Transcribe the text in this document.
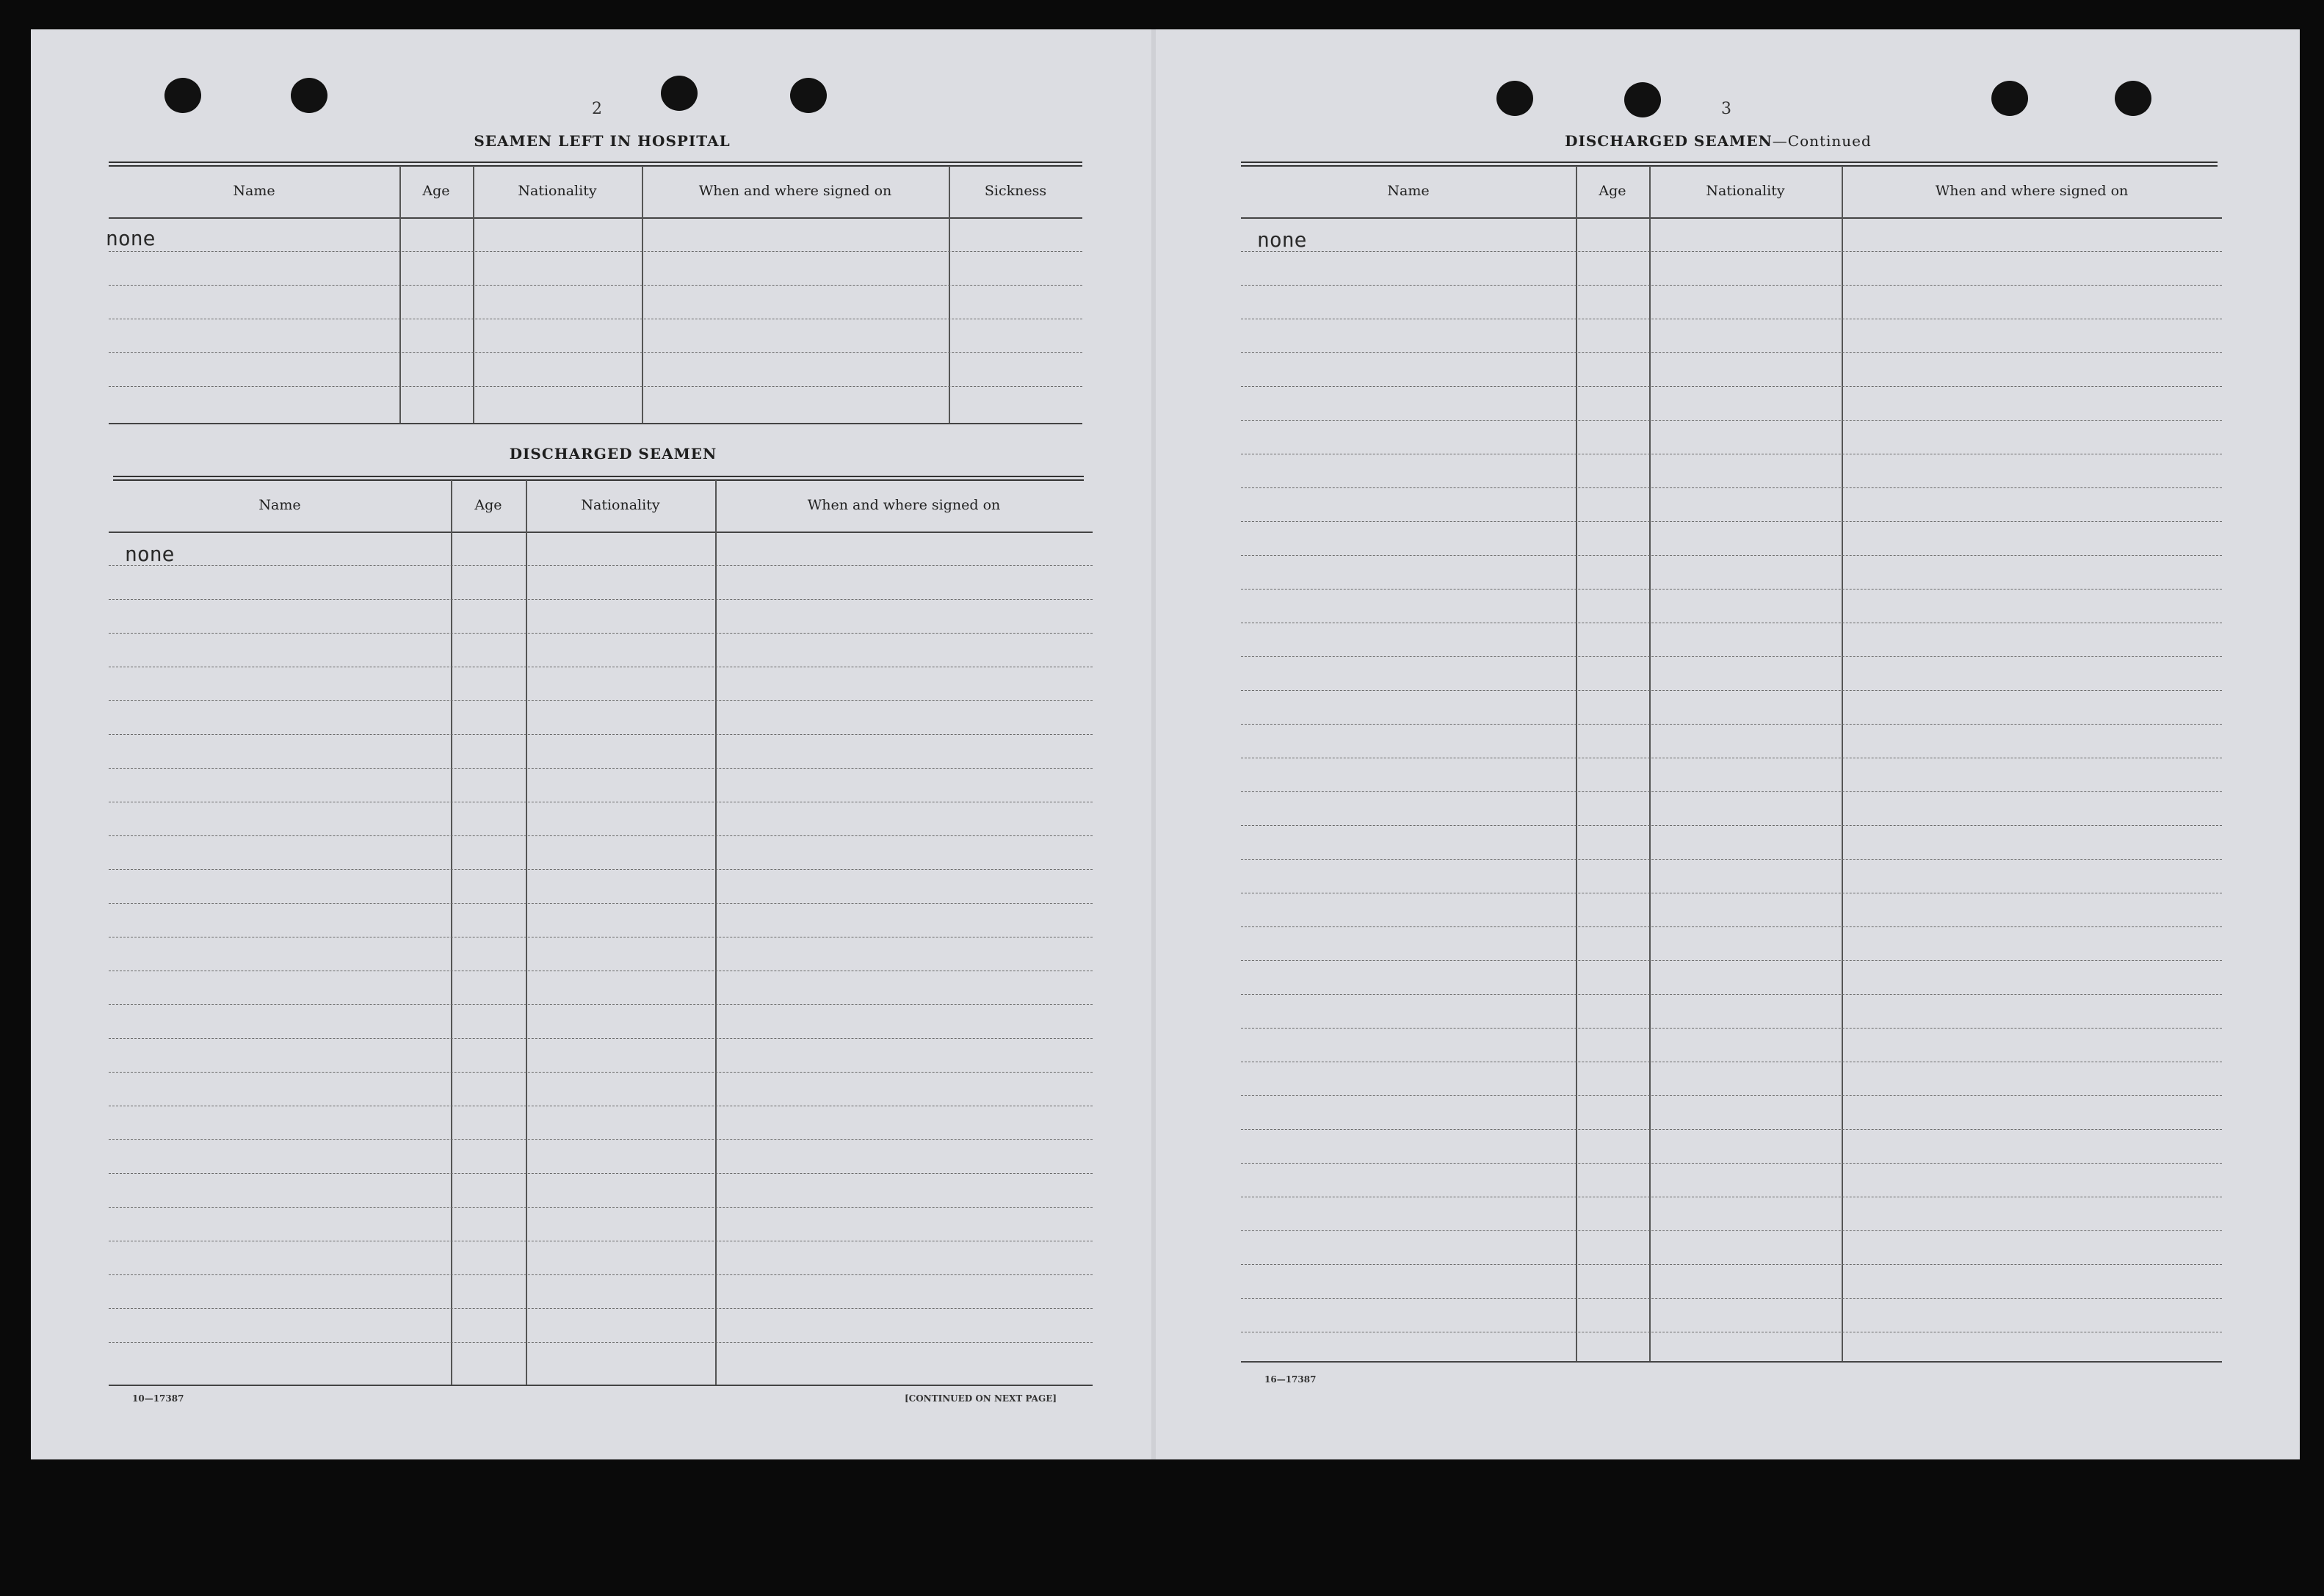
2
SEAMEN LEFT IN HOSPITAL
Name	Age	Nationality	When and where signed on	Sickness
none
DISCHARGED SEAMEN
Name	Age	Nationality	When and where signed on
none
10—17387	[CONTINUED ON NEXT PAGE]
3
DISCHARGED SEAMEN—Continued
Name	Age	Nationality	When and where signed on
none
16—17387
